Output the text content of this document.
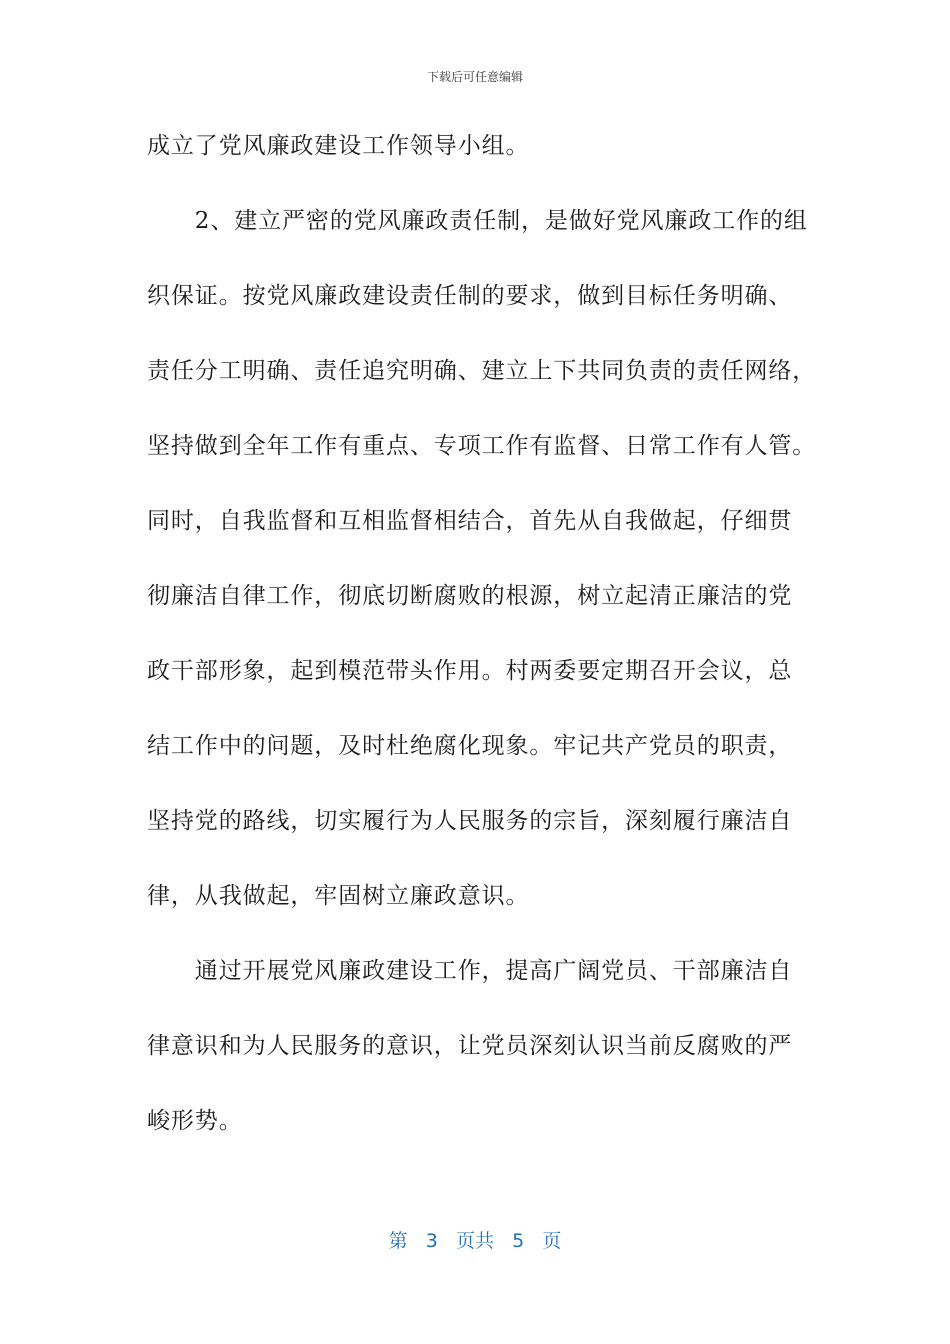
下载后可任意编辑
成立了党风廉政建设工作领导小组。
　　2、建立严密的党风廉政责任制，是做好党风廉政工作的组
织保证。按党风廉政建设责任制的要求，做到目标任务明确、
责任分工明确、责任追究明确、建立上下共同负责的责任网络，
坚持做到全年工作有重点、专项工作有监督、日常工作有人管。
同时，自我监督和互相监督相结合，首先从自我做起，仔细贯
彻廉洁自律工作，彻底切断腐败的根源，树立起清正廉洁的党
政干部形象，起到模范带头作用。村两委要定期召开会议，总
结工作中的问题，及时杜绝腐化现象。牢记共产党员的职责，
坚持党的路线，切实履行为人民服务的宗旨，深刻履行廉洁自
律，从我做起，牢固树立廉政意识。
　　通过开展党风廉政建设工作，提高广阔党员、干部廉洁自
律意识和为人民服务的意识，让党员深刻认识当前反腐败的严
峻形势。
第 3 页共 5 页
